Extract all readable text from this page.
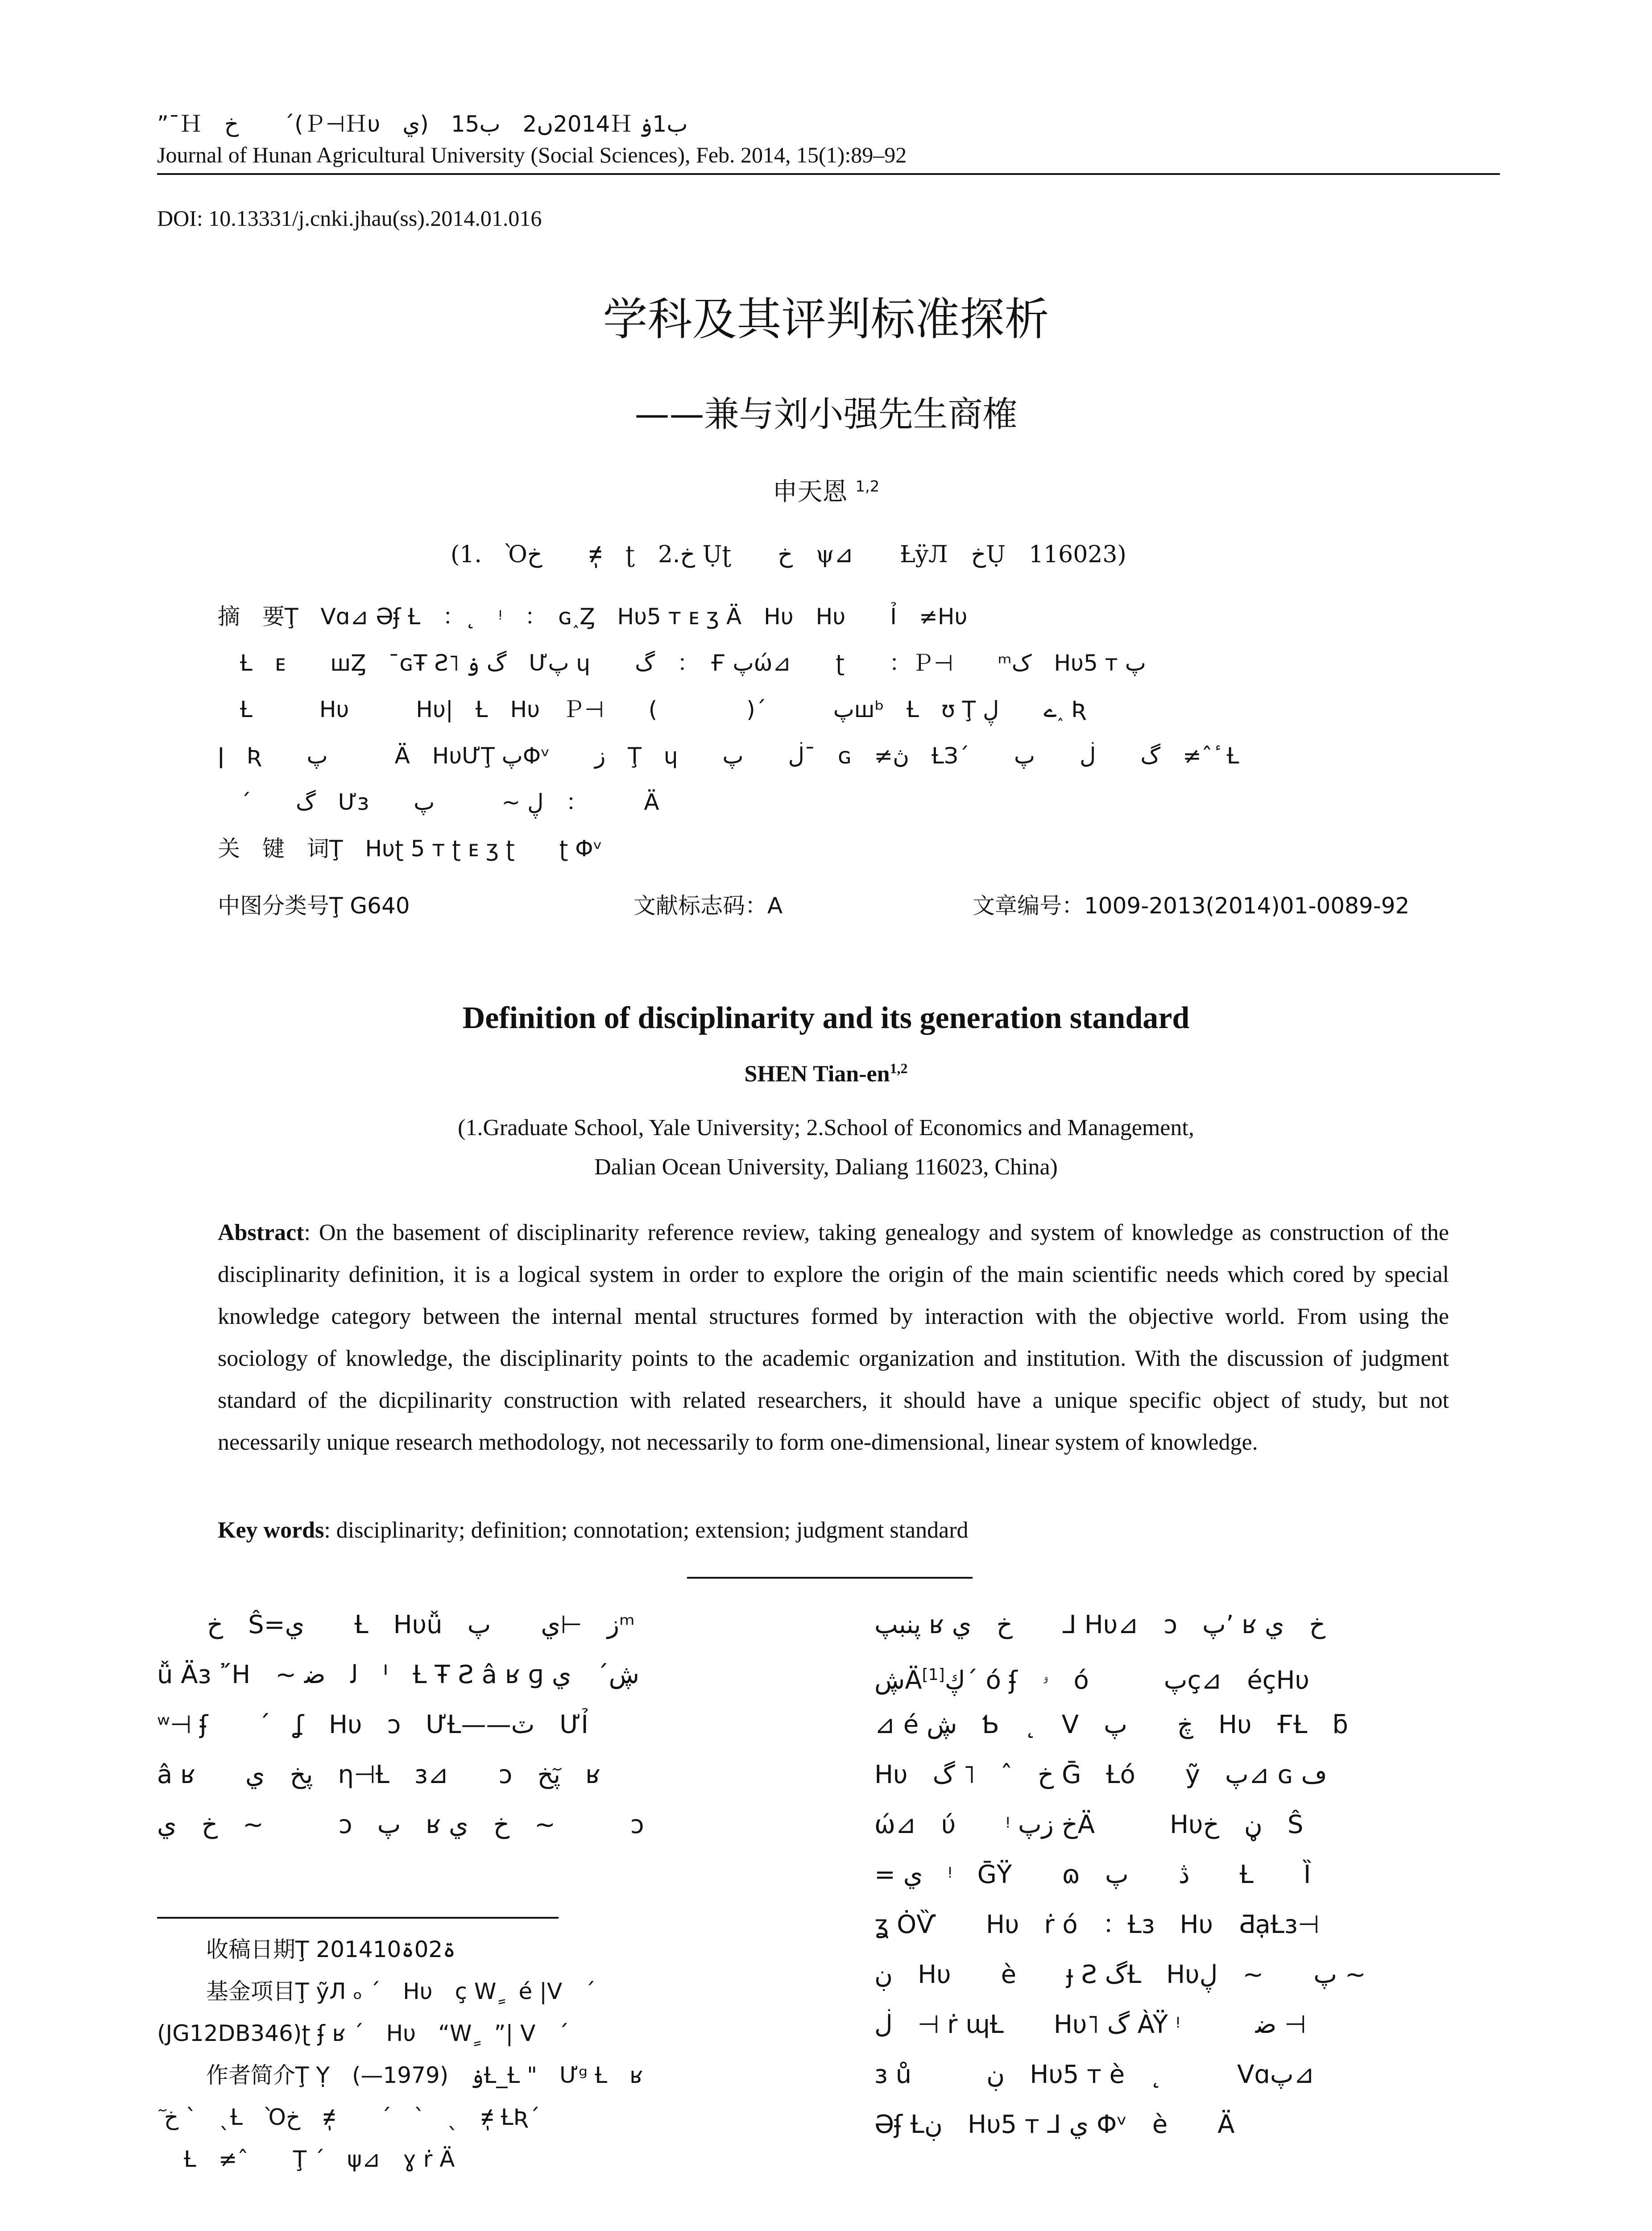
”¯Ｈ　خ　　ˊ(Ｐ⊣Ｈυ　ي)　2014ں2　ب15Ｈ ب1ۏ
Journal of Hunan Agricultural University (Social Sciences), Feb. 2014, 15(1):89–92
DOI: 10.13331/j.cnki.jhau(ss).2014.01.016
学科及其评判标准探析
——兼与刘小强先生商榷
申天恩 $^{1,2}$
(1.　Ὸخ　　≠ٖ　ʈ　2.خ Ụʈ　　خ　ψ⊿　　ȽÿЛ　خỤ　116023)
摘　要Ţ　 Ⅴɑ⊿ Əʄ Ƚ　：˛　ᵎ　：　ɢ˰Ȥ　Hυ5 ᴛ ᴇ ʒ Ä　Hυ　Hυ　　Ỉ　≠Hυ
Ƚ　ᴇ　　ꟺȤ　ˉɢŦ Ƨ˥ گ ۏ　Ưپ ɥ　　گ　：　Ғ پώ⊿　　ʈ　　：Ｐ⊣　　ᵐک　Hυ5 ᴛ پ
Ƚ　　　Hυ　　　Hυ|　Ƚ　Hυ　Ｐ⊣　　(　　　　)ˊ　　　پꟺᵇ　Ƚ　ʊ Ţ ے　　ڸ˰ Ʀ
ǀ　Ʀ　　پ　　　Ä　HυƯŢ پՓᵛ　　ز　Ţ　ɥ　　ڶ　　پˉ　ɢ　≠ڽ　ȽЗˊ　　گ　　ڶ　　پ　≠ˆ ٔ Ƚ
ˊ　　گ　Ưɜ　　ڸ ~　　　پ　：　　　Ä
关　键　词Ţ　 Hυʈ 5 ᴛ ʈ ᴇ ʒ ʈ　　ʈ Փᵛ
中图分类号Ţ G640	文献标志码：A	文章编号：1009-2013(2014)01-0089-92
Definition of disciplinarity and its generation standard
SHEN Tian-en$^{1,2}$
(1.Graduate School, Yale University; 2.School of Economics and Management,
Dalian Ocean University, Daliang 116023, China)
Abstract: On the basement of disciplinarity reference review, taking genealogy and system of knowledge as construction of the disciplinarity definition, it is a logical system in order to explore the origin of the main scientific needs which cored by special knowledge category between the internal mental structures formed by interaction with the objective world. From using the sociology of knowledge, the disciplinarity points to the academic organization and institution. With the discussion of judgment standard of the dicpilinarity construction with related researchers, it should have a unique specific object of study, but not necessarily unique research methodology, not necessarily to form one-dimensional, linear system of knowledge.
Key words: disciplinarity; definition; connotation; extension; judgment standard
　　خ　Ŝ=ي　　Ƚ　Hυǚ　ز　⊣ي　　پᵐ
ǚ Äɜ ῎H　~ ﻟ　ﺿ　ᑊ　Ƚ Ŧ Ƨ â ʁ ɡ ڜˊ　ي
ʷ⊣ ʄ　　ˊ　ʆ　Hυ　ɔ　ƯȽ——ٽ　ƯỈ
â ʁ　　پخ　ي　η⊣Ƚ　ɜ⊿　　ɔ　پٓخ　ʁ
خ　ي　~　　　ɔ　پ　ʁ خ　ي　~　　　ɔ
收稿日期Ţ 2014ۃ02ۃ10
基金项目Ţ ỹЛ ₒ ˊ　Hυ　ç Wٍ　é |Ⅴ　ˊ
(JG12DB346)ʈ ʄ ʁ ˊ　Hυ　“Wٍ　”| Ⅴ　ˊ
作者简介Ţ Ỵ　ۏ　(1979—)Ƚ_Ƚ "　Ưᵍ Ƚ　ʁ
ٓ خ ˋ　ˎȽ　Ὸخ　≠ٖ　　ˊ　ˋ　ˎ　≠ٖ ȽƦˊ
Ƚ　≠ˆ　　Ţ ˊ　ψ⊿　ɣ ṙ Ä
پنبپ ʁ خ　ي　　⅃ Hυ⊿　ɔ　پ’ ʁ خ　ي
ڜÄ[1]ڮˊ ó ʄ　ۥ　ó　　　پç⊿　éçHυ
⊿ é ڜ　Ƅ　˛　Ⅴ　ڿ　　پ　Hυ　ҒȽ　ƃ
Hυ　خ　ˆ　˥ گ Ḡ　Ƚó　　ỹ　پ⊿ ɢ ڡ
ώ⊿　ύ　　ᵎ خ زپÄ　　　Hυڼ　خ　Ŝ
= ي　ᵎ　ḠŸ　　ɷ　ڎ　　پ　　Ƚ　　Ȉ
ʓ ȮѶ　　Hυ　ṙ ó　：Ƚɜ　Hυ　ƋạȽɜ⊣
ڹ　Hυ　　è　　ɟ Ƨ گȽ　Hυپ　　~　ڸ ~
ڶ　⊣ ṙ ɰȽ　　Hυ˥ گ ÀŸ ᵎ　　　ﺿ ⊣
ɜ ů　　　ڹ　Hυ5 ᴛ è　˛　　　Ⅴɑپ⊿
Əʄ Ƚڹ　Hυ5 ᴛ ⅃ ي Փᵛ　è　　Ä
